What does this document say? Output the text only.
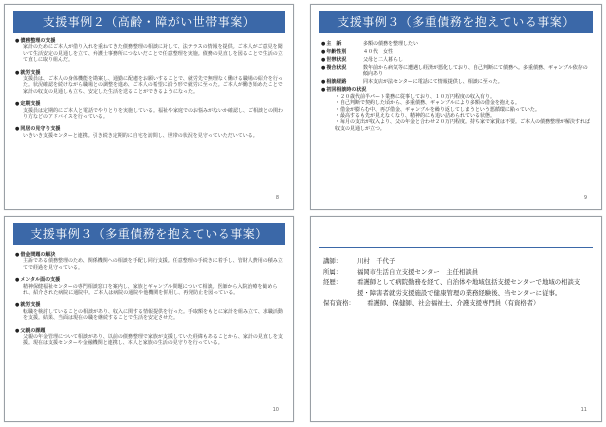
支援事例２（高齢・障がい世帯事案）
● 債務整理の支援
家計のためにご本人が借り入れを重ねてきた債務整理の相談に対して、法テラスの情報を提供。ご本人がご意見を聞いて生活安定の見通しを立て、弁護士事務所につないだことで任意整理を実施。債務の見直しを図ることで生活の立て直しに取り組んだ。
● 就労支援
支援員は、ご本人の身体機能を勘案し、通勤に配慮をお願いすることで、就労先で無理なく働ける職場の紹介を行った。状況確認を続けながら職場との調整を進め、ご本人の希望に沿う形で就労に至った。ご本人が働き始めたことで家計の収支の見通しも立ち、安定した生活を送ることができるようになった。
● 定期支援
支援員は定期的にご本人と電話でやりとりを実施している。福祉や家庭でのお悩みがないか確認し、ご相談との関わり方などのアドバイスを行っている。
● 同居の見守り支援
いきいき支援センターと連携。引き続き定期的に自宅を訪問し、世帯の状況を見守っていただいている。
8
支援事例３（多重債務を抱えている事案）
● 主　訴	多額の債務を整理したい
● 年齢性別	４０代　女性
● 世帯状況	父母と二人暮らし
● 複合状況	数年前から病気等に遭遇し経済が悪化しており、自己判断にて債務へ。多重債務、ギャンブル依存の傾向あり
● 相談経路	同本支店が法センターに電話にて情報提供し、相談に至った。
● 初回相談時の状況
・ ２０歳代前半パート業務に従事しており、１０万円程度の収入有り。
・ 自己判断で契約した頃から、多重債務、ギャンブルにより多額の借金を抱える。
・ 借金が膨らむ中、再び借金、ギャンブルを繰り返してしまうという悪循環に陥っていた。
・ 最高するも先が見えなくなり、精神的にも追い詰められている状態。
・ 毎月の支出が収入より、父の年金と合わせ２０万円程度。持ち家で家賃は不要。ご本人の債務整理が解決すれば収支の見通しが立つ。
9
支援事例３（多重債務を抱えている事案）
● 借金問題の解決
主訴である債務整理のため、関係機関への相談を手配し同行支援。任意整理の手続きに着手し、管財人費用の積み立てで経過を見守っている。
● メンタル面の支援
精神保健福祉センターの専門相談窓口を案内し、家族とギャンブル問題について相談。医師から入院治療を勧められ、紹介された病院に通院中。ご本人は病院の通院や他機関を併用し、再発防止を図っている。
● 就労支援
転職を検討していることの相談があり、収入に関する情報提供を行った。手取額をもとに家計を組み立て、求職活動を支援。結果、当面は現在の職を継続することで生活を安定させた。
● 父親の課題
父親の年金管理について相談があり、以前の債務整理で家族が支援していた経緯もあることから、家計の見直しを支援。現在は支援センターや金融機関と連携し、本人と家族の生活の見守りを行っている。
10
講師：	川村　千代子
所属：	福岡市生活自立支援センター　主任相談員
経歴：	看護師として病院勤務を経て、自治体や地域包括支援センターで地域の相談支援・障害者就労支援施設で健康管理の業務経験後、当センターに従事。
保有資格：	看護師、保健師、社会福祉士、介護支援専門員（有資格者）
11
